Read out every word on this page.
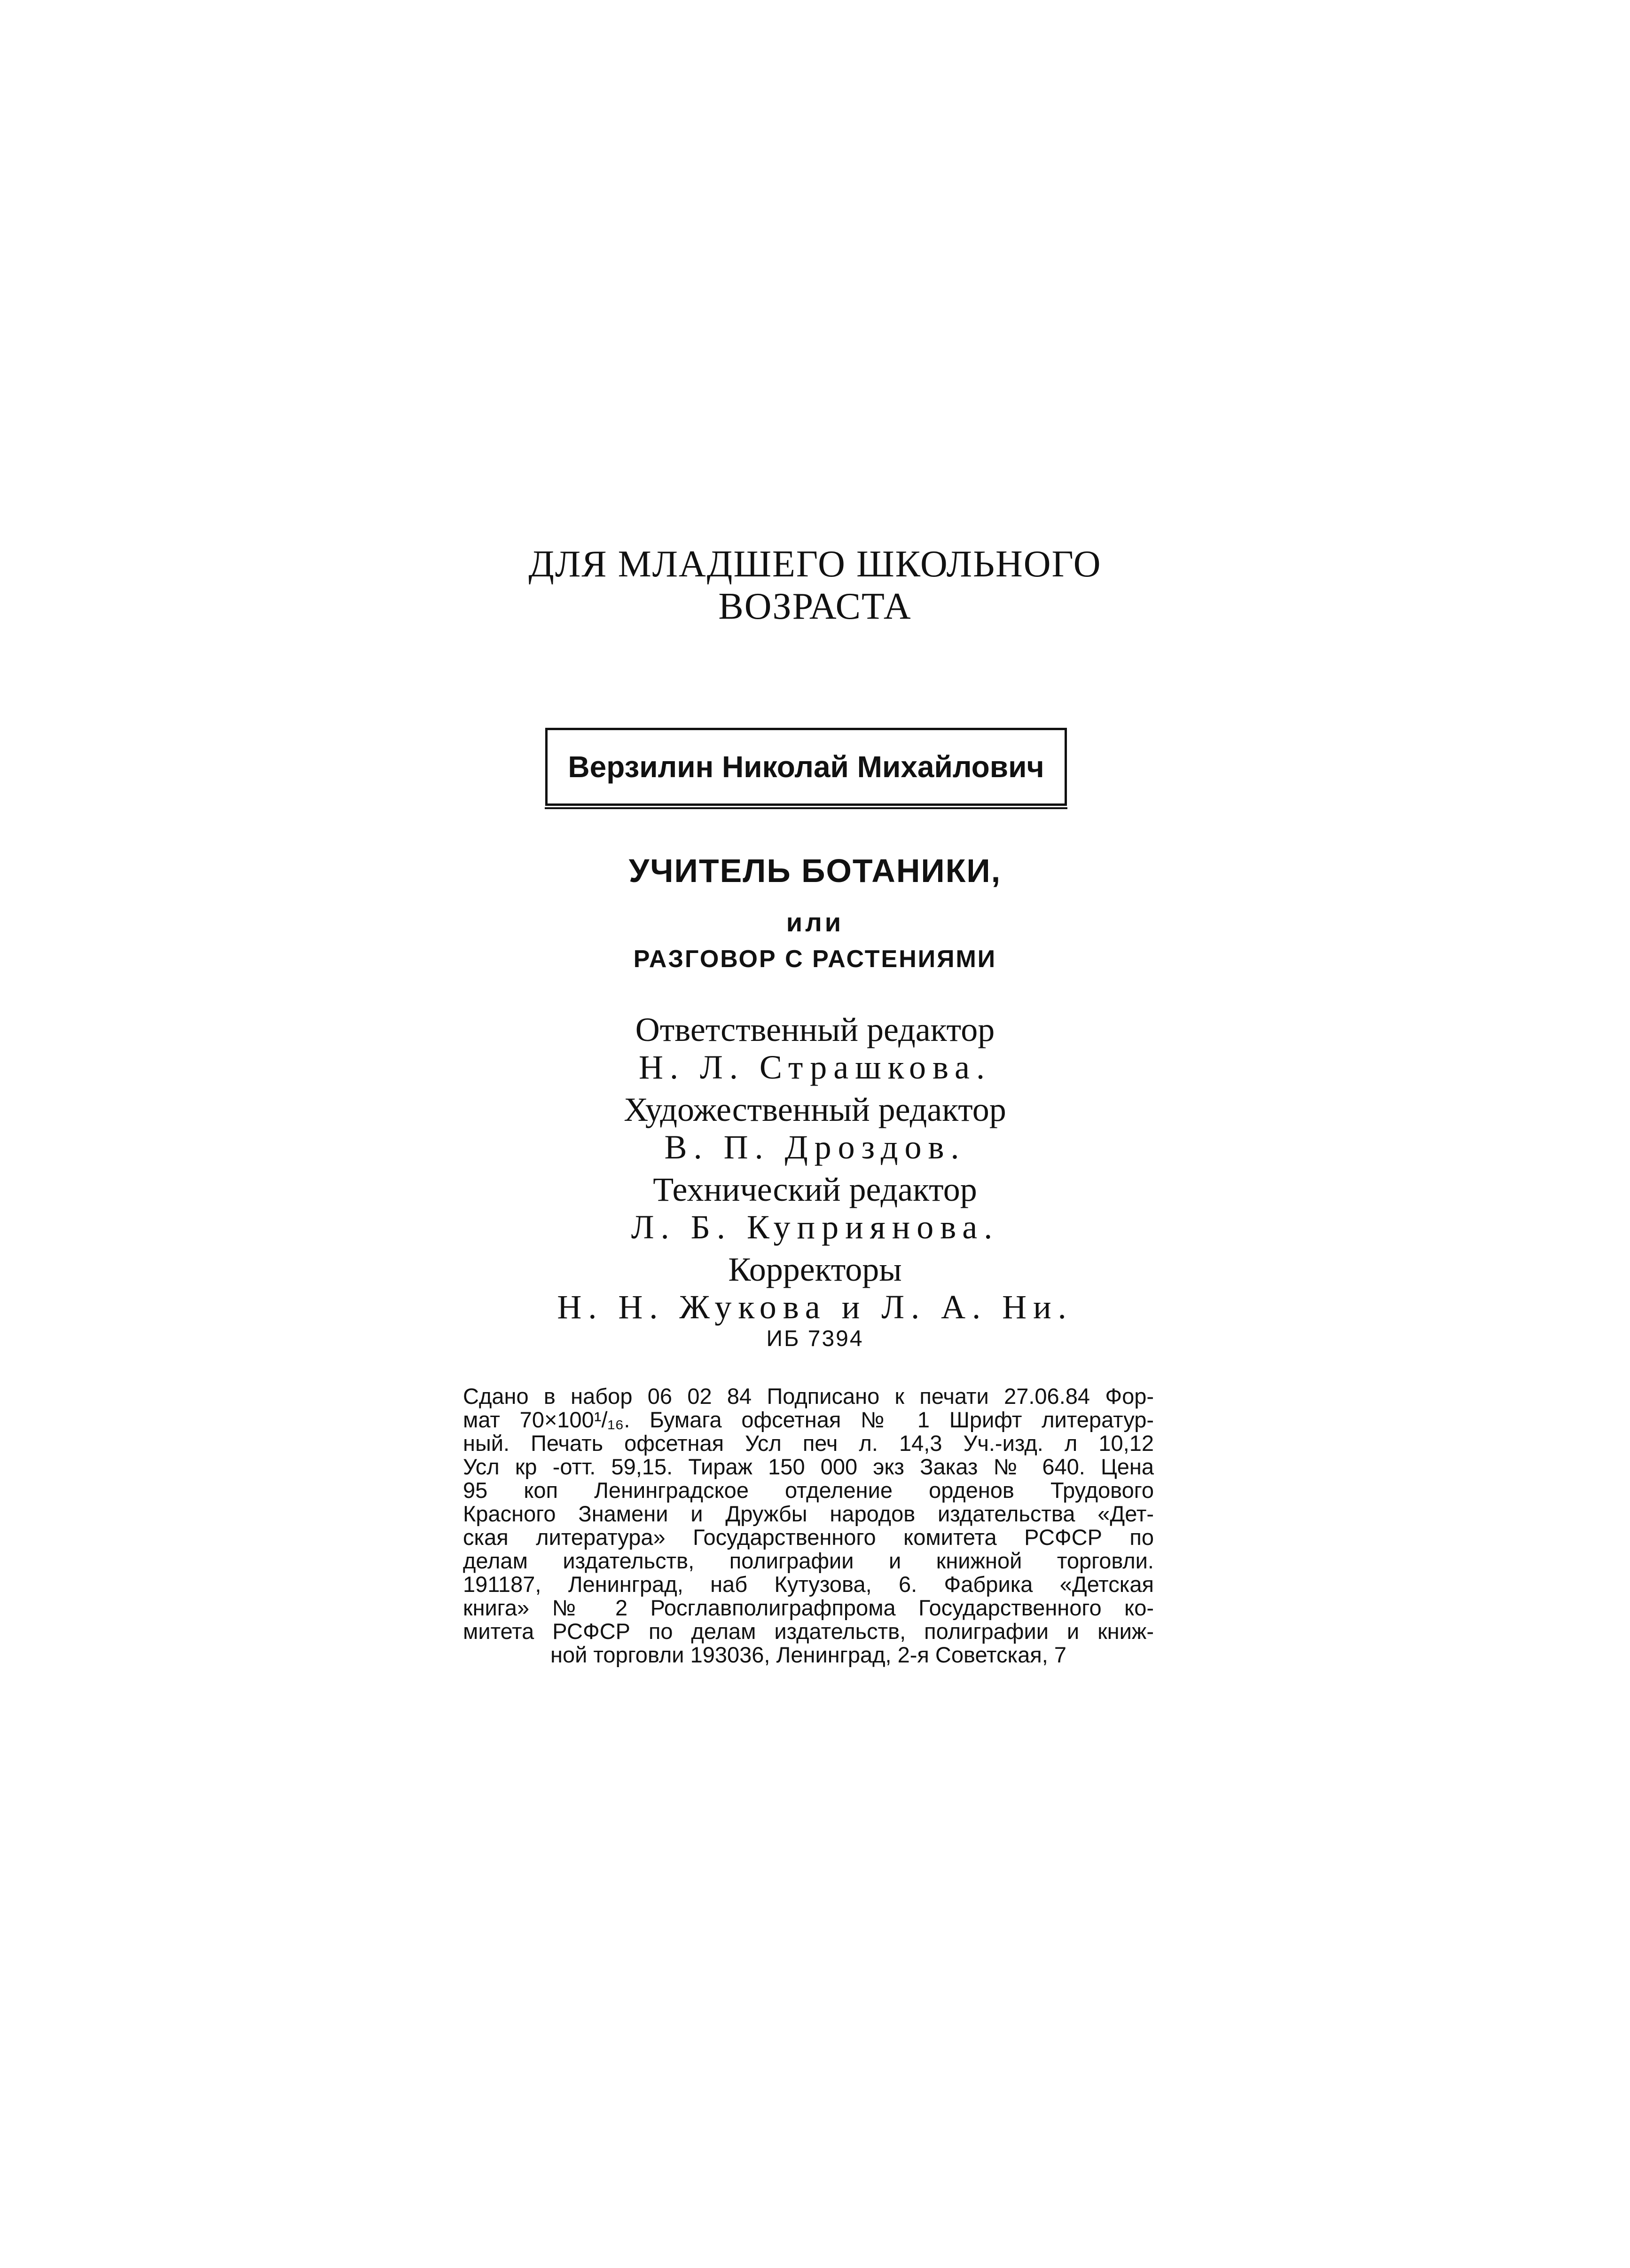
ДЛЯ МЛАДШЕГО ШКОЛЬНОГО
ВОЗРАСТА
Верзилин Николай Михайлович
УЧИТЕЛЬ БОТАНИКИ,
или
РАЗГОВОР С РАСТЕНИЯМИ
Ответственный редактор
Н. Л. Страшкова.
Художественный редактор
В. П. Дроздов.
Технический редактор
Л. Б. Куприянова.
Корректоры
Н. Н. Жукова и Л. А. Ни.
ИБ 7394
Сдано в набор 06 02 84 Подписано к печати 27.06.84 Фор-
мат 70×100¹/₁₆. Бумага офсетная № 1 Шрифт литератур-
ный. Печать офсетная Усл печ л. 14,3 Уч.-изд. л 10,12
Усл кр -отт. 59,15. Тираж 150 000 экз Заказ № 640. Цена
95 коп Ленинградское отделение орденов Трудового
Красного Знамени и Дружбы народов издательства «Дет-
ская литература» Государственного комитета РСФСР по
делам издательств, полиграфии и книжной торговли.
191187, Ленинград, наб Кутузова, 6. Фабрика «Детская
книга» № 2 Росглавполиграфпрома Государственного ко-
митета РСФСР по делам издательств, полиграфии и книж-
ной торговли 193036, Ленинград, 2-я Советская, 7
